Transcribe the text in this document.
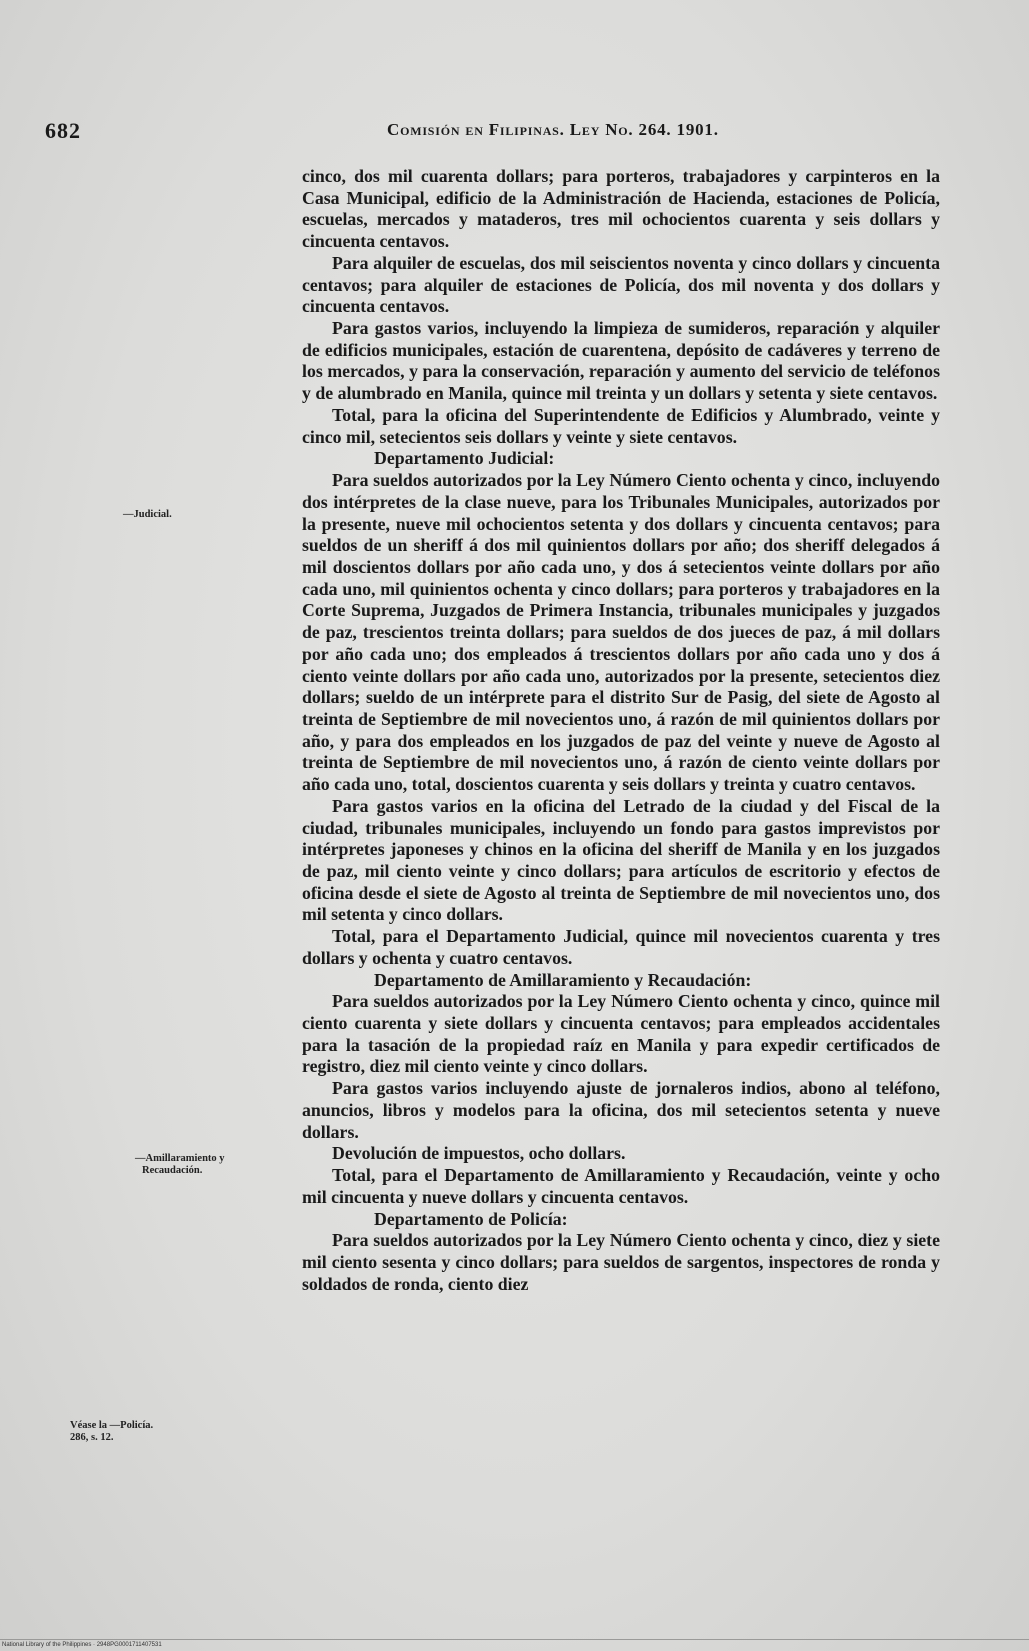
682	Comisión en Filipinas. Ley No. 264. 1901.
—Judicial.
—Amillaramiento y
Recaudación.
Véase la —Policía.
286, s. 12.

cinco, dos mil cuarenta dollars; para porteros, trabajadores y carpinteros en la Casa Municipal, edificio de la Administración de Hacienda, estaciones de Policía, escuelas, mercados y mataderos, tres mil ochocientos cuarenta y seis dollars y cincuenta centavos.

Para alquiler de escuelas, dos mil seiscientos noventa y cinco dollars y cincuenta centavos; para alquiler de estaciones de Policía, dos mil noventa y dos dollars y cincuenta centavos.

Para gastos varios, incluyendo la limpieza de sumideros, reparación y alquiler de edificios municipales, estación de cuarentena, depósito de cadáveres y terreno de los mercados, y para la conservación, reparación y aumento del servicio de teléfonos y de alumbrado en Manila, quince mil treinta y un dollars y setenta y siete centavos.

Total, para la oficina del Superintendente de Edificios y Alumbrado, veinte y cinco mil, setecientos seis dollars y veinte y siete centavos.

Departamento Judicial:

Para sueldos autorizados por la Ley Número Ciento ochenta y cinco, incluyendo dos intérpretes de la clase nueve, para los Tribunales Municipales, autorizados por la presente, nueve mil ochocientos setenta y dos dollars y cincuenta centavos; para sueldos de un sheriff á dos mil quinientos dollars por año; dos sheriff delegados á mil doscientos dollars por año cada uno, y dos á setecientos veinte dollars por año cada uno, mil quinientos ochenta y cinco dollars; para porteros y trabajadores en la Corte Suprema, Juzgados de Primera Instancia, tribunales municipales y juzgados de paz, trescientos treinta dollars; para sueldos de dos jueces de paz, á mil dollars por año cada uno; dos empleados á trescientos dollars por año cada uno y dos á ciento veinte dollars por año cada uno, autorizados por la presente, setecientos diez dollars; sueldo de un intérprete para el distrito Sur de Pasig, del siete de Agosto al treinta de Septiembre de mil novecientos uno, á razón de mil quinientos dollars por año, y para dos empleados en los juzgados de paz del veinte y nueve de Agosto al treinta de Septiembre de mil novecientos uno, á razón de ciento veinte dollars por año cada uno, total, doscientos cuarenta y seis dollars y treinta y cuatro centavos.

Para gastos varios en la oficina del Letrado de la ciudad y del Fiscal de la ciudad, tribunales municipales, incluyendo un fondo para gastos imprevistos por intérpretes japoneses y chinos en la oficina del sheriff de Manila y en los juzgados de paz, mil ciento veinte y cinco dollars; para artículos de escritorio y efectos de oficina desde el siete de Agosto al treinta de Septiembre de mil novecientos uno, dos mil setenta y cinco dollars.

Total, para el Departamento Judicial, quince mil novecientos cuarenta y tres dollars y ochenta y cuatro centavos.

Departamento de Amillaramiento y Recaudación:

Para sueldos autorizados por la Ley Número Ciento ochenta y cinco, quince mil ciento cuarenta y siete dollars y cincuenta centavos; para empleados accidentales para la tasación de la propiedad raíz en Manila y para expedir certificados de registro, diez mil ciento veinte y cinco dollars.

Para gastos varios incluyendo ajuste de jornaleros indios, abono al teléfono, anuncios, libros y modelos para la oficina, dos mil setecientos setenta y nueve dollars.

Devolución de impuestos, ocho dollars.

Total, para el Departamento de Amillaramiento y Recaudación, veinte y ocho mil cincuenta y nueve dollars y cincuenta centavos.

Departamento de Policía:

Para sueldos autorizados por la Ley Número Ciento ochenta y cinco, diez y siete mil ciento sesenta y cinco dollars; para sueldos de sargentos, inspectores de ronda y soldados de ronda, ciento diez

National Library of the Philippines · 2948PG0001711407531
